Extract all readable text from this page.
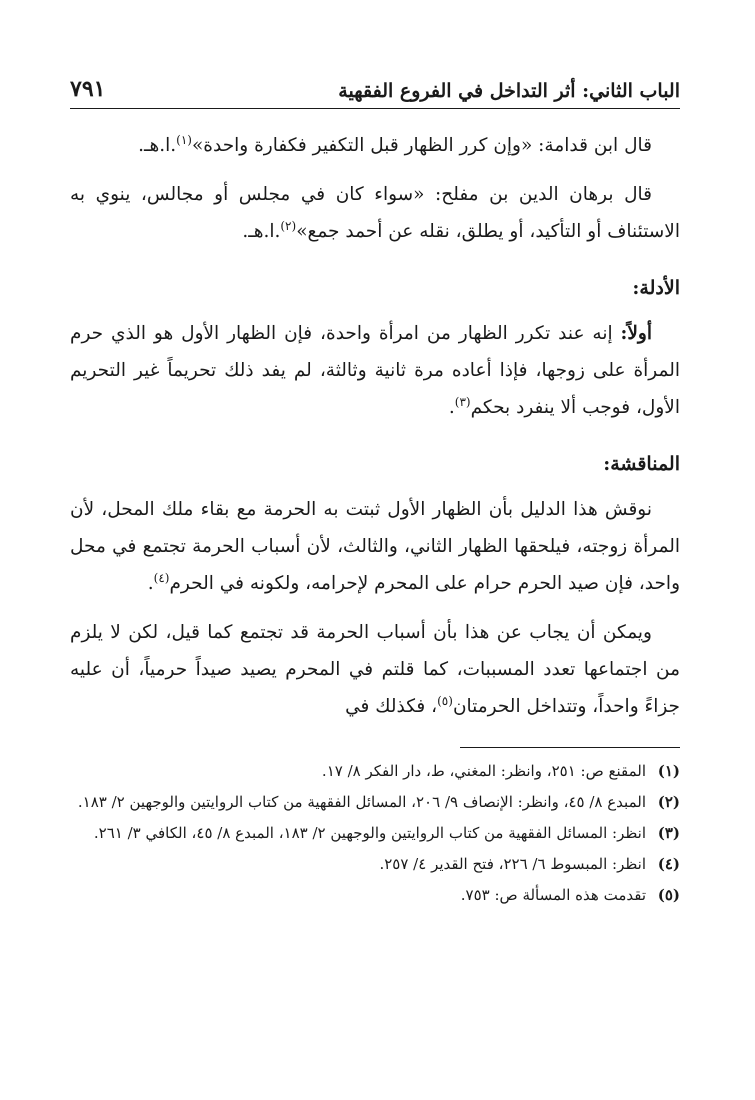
الباب الثاني: أثر التداخل في الفروع الفقهية
٧٩١

قال ابن قدامة: «وإن كرر الظهار قبل التكفير فكفارة واحدة»$^{(١)}$.ا.هـ.

قال برهان الدين بن مفلح: «سواء كان في مجلس أو مجالس، ينوي به الاستئناف أو التأكيد، أو يطلق، نقله عن أحمد جمع»$^{(٢)}$.ا.هـ.

الأدلة:

أولاً: إنه عند تكرر الظهار من امرأة واحدة، فإن الظهار الأول هو الذي حرم المرأة على زوجها، فإذا أعاده مرة ثانية وثالثة، لم يفد ذلك تحريماً غير التحريم الأول، فوجب ألا ينفرد بحكم$^{(٣)}$.

المناقشة:

نوقش هذا الدليل بأن الظهار الأول ثبتت به الحرمة مع بقاء ملك المحل، لأن المرأة زوجته، فيلحقها الظهار الثاني، والثالث، لأن أسباب الحرمة تجتمع في محل واحد، فإن صيد الحرم حرام على المحرم لإحرامه، ولكونه في الحرم$^{(٤)}$.

ويمكن أن يجاب عن هذا بأن أسباب الحرمة قد تجتمع كما قيل، لكن لا يلزم من اجتماعها تعدد المسببات، كما قلتم في المحرم يصيد صيداً حرمياً، أن عليه جزاءً واحداً، وتتداخل الحرمتان$^{(٥)}$، فكذلك في

(١)
المقنع ص: ٢٥١، وانظر: المغني، ط، دار الفكر ٨/ ١٧.
(٢)
المبدع ٨/ ٤٥، وانظر: الإنصاف ٩/ ٢٠٦، المسائل الفقهية من كتاب الروايتين والوجهين ٢/ ١٨٣.
(٣)
انظر: المسائل الفقهية من كتاب الروايتين والوجهين ٢/ ١٨٣، المبدع ٨/ ٤٥، الكافي ٣/ ٢٦١.
(٤)
انظر: المبسوط ٦/ ٢٢٦، فتح القدير ٤/ ٢٥٧.
(٥)
تقدمت هذه المسألة ص: ٧٥٣.
